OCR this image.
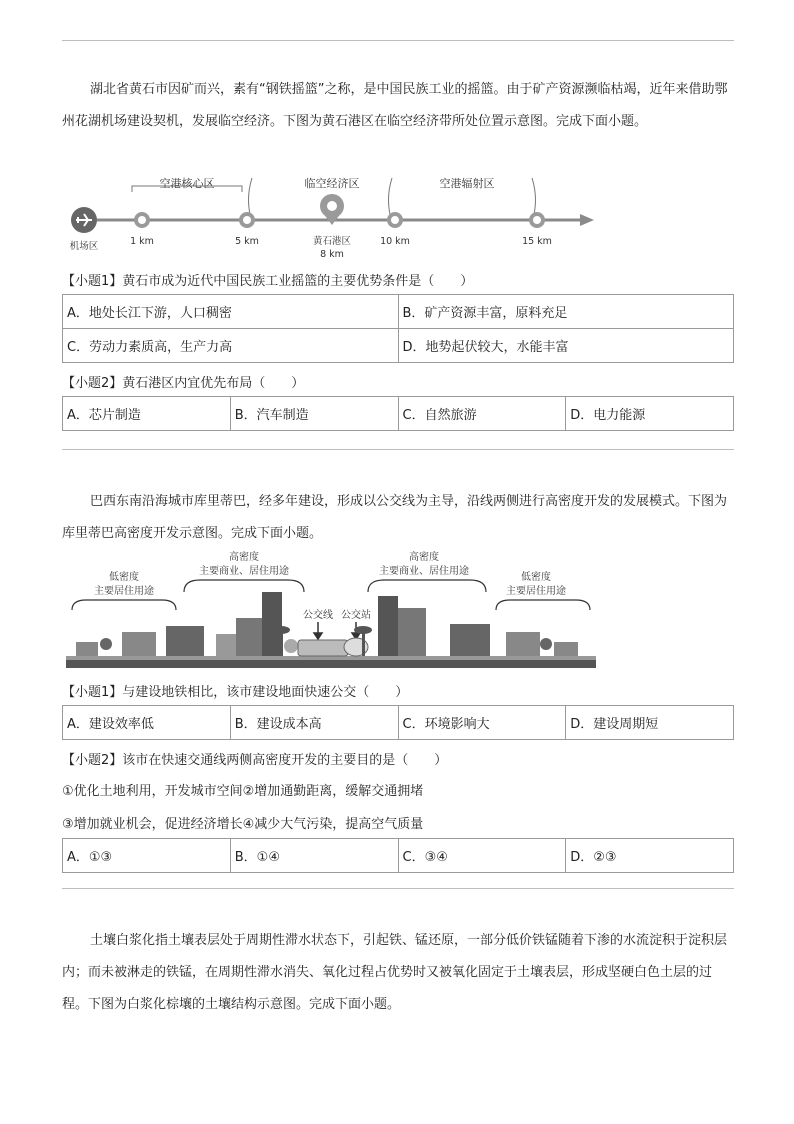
湖北省黄石市因矿而兴，素有“钢铁摇篮”之称，是中国民族工业的摇篮。由于矿产资源濒临枯竭，近年来借助鄂州花湖机场建设契机，发展临空经济。下图为黄石港区在临空经济带所处位置示意图。完成下面小题。
空港核心区	临空经济区	空港辐射区
机场区	1 km	5 km	黄石港区
8 km
10 km	15 km
【小题1】黄石市成为近代中国民族工业摇篮的主要优势条件是（　　）
A．地处长江下游，人口稠密	B．矿产资源丰富，原料充足
C．劳动力素质高，生产力高	D．地势起伏较大，水能丰富
【小题2】黄石港区内宜优先布局（　　）
A．芯片制造	B．汽车制造	C．自然旅游	D．电力能源
巴西东南沿海城市库里蒂巴，经多年建设，形成以公交线为主导，沿线两侧进行高密度开发的发展模式。下图为库里蒂巴高密度开发示意图。完成下面小题。
低密度
主要居住用途
高密度
主要商业、居住用途
公交线 公交站
高密度
主要商业、居住用途
低密度
主要居住用途
【小题1】与建设地铁相比，该市建设地面快速公交（　　）
A．建设效率低	B．建设成本高	C．环境影响大	D．建设周期短
【小题2】该市在快速交通线两侧高密度开发的主要目的是（　　）
①优化土地利用，开发城市空间②增加通勤距离，缓解交通拥堵
③增加就业机会，促进经济增长④减少大气污染，提高空气质量
A．①③	B．①④	C．③④	D．②③
土壤白浆化指土壤表层处于周期性滞水状态下，引起铁、锰还原，一部分低价铁锰随着下渗的水流淀积于淀积层内；而未被淋走的铁锰，在周期性滞水消失、氧化过程占优势时又被氧化固定于土壤表层，形成坚硬白色土层的过程。下图为白浆化棕壤的土壤结构示意图。完成下面小题。
